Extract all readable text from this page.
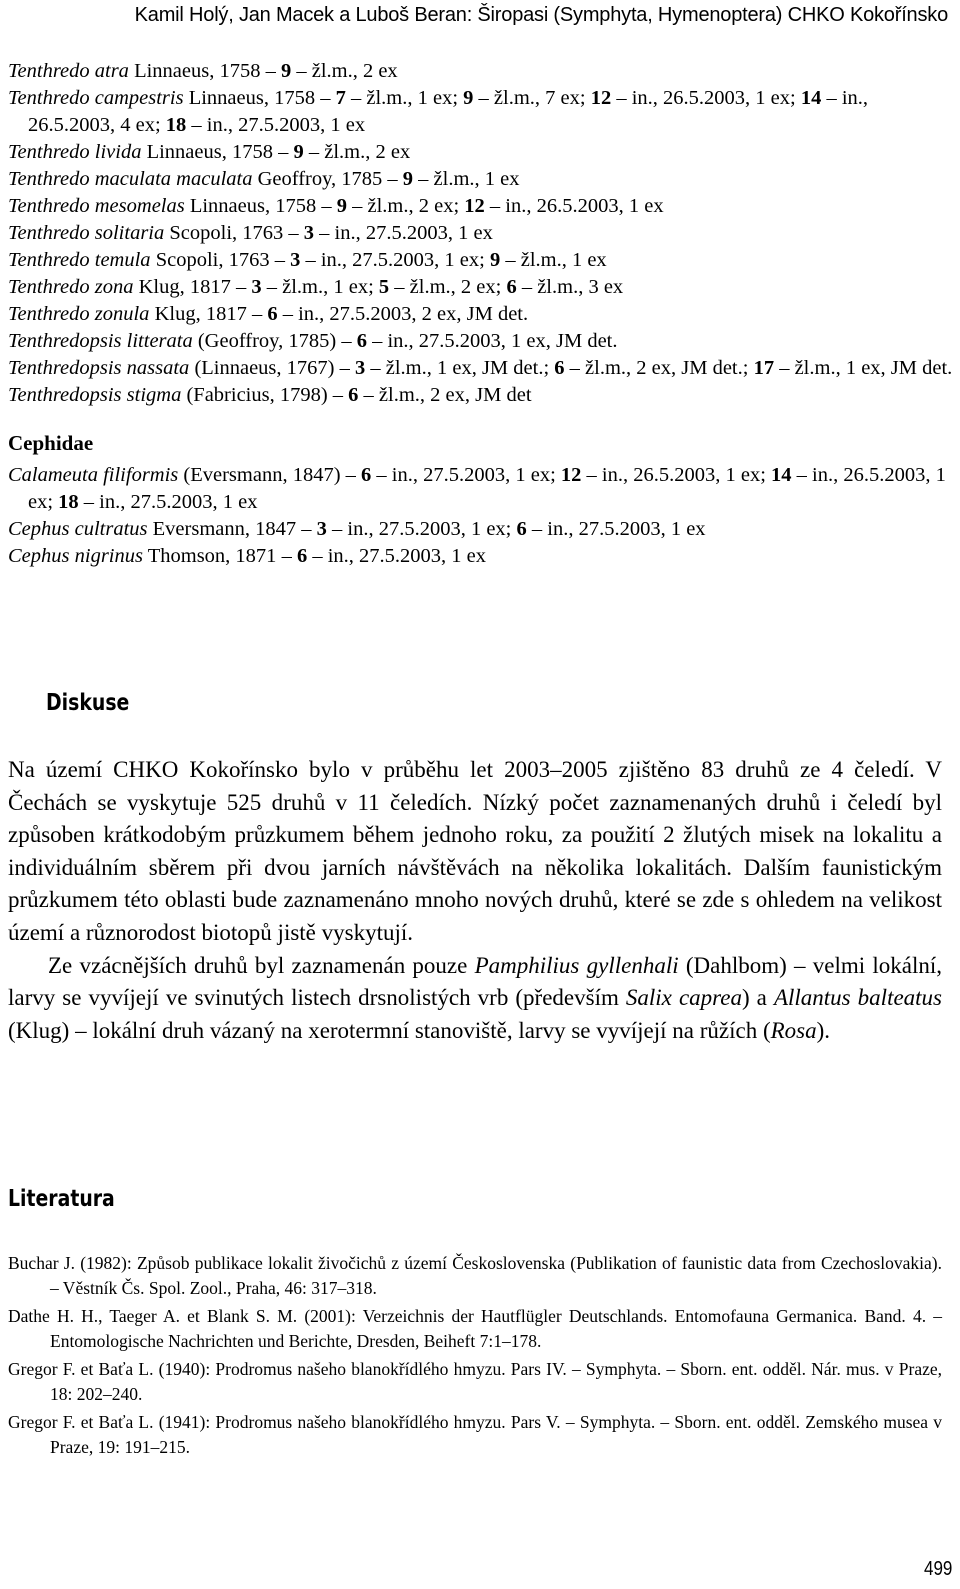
Kamil Holý, Jan Macek a Luboš Beran: Širopasi (Symphyta, Hymenoptera) CHKO Kokořínsko
Tenthredo atra Linnaeus, 1758 – 9 – žl.m., 2 ex
Tenthredo campestris Linnaeus, 1758 – 7 – žl.m., 1 ex; 9 – žl.m., 7 ex; 12 – in., 26.5.2003, 1 ex; 14 – in., 26.5.2003, 4 ex; 18 – in., 27.5.2003, 1 ex
Tenthredo livida Linnaeus, 1758 – 9 – žl.m., 2 ex
Tenthredo maculata maculata Geoffroy, 1785 – 9 – žl.m., 1 ex
Tenthredo mesomelas Linnaeus, 1758 – 9 – žl.m., 2 ex; 12 – in., 26.5.2003, 1 ex
Tenthredo solitaria Scopoli, 1763 – 3 – in., 27.5.2003, 1 ex
Tenthredo temula Scopoli, 1763 – 3 – in., 27.5.2003, 1 ex; 9 – žl.m., 1 ex
Tenthredo zona Klug, 1817 – 3 – žl.m., 1 ex; 5 – žl.m., 2 ex; 6 – žl.m., 3 ex
Tenthredo zonula Klug, 1817 – 6 – in., 27.5.2003, 2 ex, JM det.
Tenthredopsis litterata (Geoffroy, 1785) – 6 – in., 27.5.2003, 1 ex, JM det.
Tenthredopsis nassata (Linnaeus, 1767) – 3 – žl.m., 1 ex, JM det.; 6 – žl.m., 2 ex, JM det.; 17 – žl.m., 1 ex, JM det.
Tenthredopsis stigma (Fabricius, 1798) – 6 – žl.m., 2 ex, JM det
Cephidae
Calameuta filiformis (Eversmann, 1847) – 6 – in., 27.5.2003, 1 ex; 12 – in., 26.5.2003, 1 ex; 14 – in., 26.5.2003, 1 ex; 18 – in., 27.5.2003, 1 ex
Cephus cultratus Eversmann, 1847 – 3 – in., 27.5.2003, 1 ex; 6 – in., 27.5.2003, 1 ex
Cephus nigrinus Thomson, 1871 – 6 – in., 27.5.2003, 1 ex
Diskuse

Na území CHKO Kokořínsko bylo v průběhu let 2003–2005 zjištěno 83 druhů ze 4 čeledí. V Čechách se vyskytuje 525 druhů v 11 čeledích. Nízký počet zaznamenaných druhů i čeledí byl způsoben krátkodobým průzkumem během jednoho roku, za použití 2 žlutých misek na lokalitu a individuálním sběrem při dvou jarních návštěvách na několika lokalitách. Dalším faunistickým průzkumem této oblasti bude zaznamenáno mnoho nových druhů, které se zde s ohledem na velikost území a různorodost biotopů jistě vyskytují.

Ze vzácnějších druhů byl zaznamenán pouze Pamphilius gyllenhali (Dahlbom) – velmi lokální, larvy se vyvíjejí ve svinutých listech drsnolistých vrb (především Salix caprea) a Allantus balteatus (Klug) – lokální druh vázaný na xerotermní stanoviště, larvy se vyvíjejí na růžích (Rosa).

Literatura
Buchar J. (1982): Způsob publikace lokalit živočichů z území Československa (Publikation of faunistic data from Czechoslovakia). – Věstník Čs. Spol. Zool., Praha, 46: 317–318.
Dathe H. H., Taeger A. et Blank S. M. (2001): Verzeichnis der Hautflügler Deutschlands. Entomofauna Germanica. Band. 4. – Entomologische Nachrichten und Berichte, Dresden, Beiheft 7:1–178.
Gregor F. et Baťa L. (1940): Prodromus našeho blanokřídlého hmyzu. Pars IV. – Symphyta. – Sborn. ent. odděl. Nár. mus. v Praze, 18: 202–240.
Gregor F. et Baťa L. (1941): Prodromus našeho blanokřídlého hmyzu. Pars V. – Symphyta. – Sborn. ent. odděl. Zemského musea v Praze, 19: 191–215.
499
